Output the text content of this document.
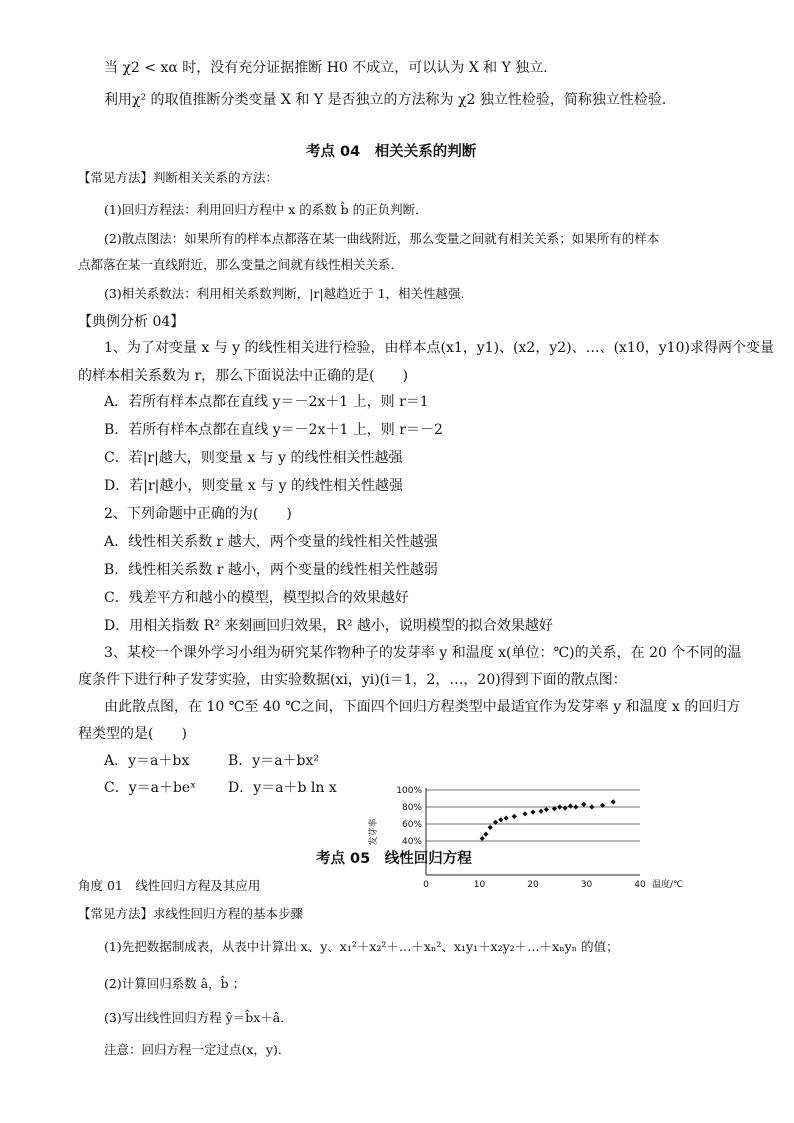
当 χ2 < xα 时，没有充分证据推断 H0 不成立，可以认为 X 和 Y 独立．
利用χ² 的取值推断分类变量 X 和 Y 是否独立的方法称为 χ2 独立性检验，简称独立性检验．
考点 04　相关关系的判断
【常见方法】判断相关关系的方法：
(1)回归方程法：利用回归方程中 x 的系数 b̂ 的正负判断．
(2)散点图法：如果所有的样本点都落在某一曲线附近，那么变量之间就有相关关系；如果所有的样本
点都落在某一直线附近，那么变量之间就有线性相关关系．
(3)相关系数法：利用相关系数判断，|r|越趋近于 1，相关性越强．
【典例分析 04】
1、为了对变量 x 与 y 的线性相关进行检验，由样本点(x1，y1)、(x2，y2)、…、(x10，y10)求得两个变量
的样本相关系数为 r，那么下面说法中正确的是(　　)
A．若所有样本点都在直线 y＝－2x＋1 上，则 r＝1
B．若所有样本点都在直线 y＝－2x＋1 上，则 r＝－2
C．若|r|越大，则变量 x 与 y 的线性相关性越强
D．若|r|越小，则变量 x 与 y 的线性相关性越强
2、下列命题中正确的为(　　)
A．线性相关系数 r 越大，两个变量的线性相关性越强
B．线性相关系数 r 越小，两个变量的线性相关性越弱
C．残差平方和越小的模型，模型拟合的效果越好
D．用相关指数 R² 来刻画回归效果，R² 越小，说明模型的拟合效果越好
3、某校一个课外学习小组为研究某作物种子的发芽率 y 和温度 x(单位：℃)的关系，在 20 个不同的温
度条件下进行种子发芽实验，由实验数据(xi，yi)(i＝1，2，…，20)得到下面的散点图：
由此散点图，在 10 ℃至 40 ℃之间，下面四个回归方程类型中最适宜作为发芽率 y 和温度 x 的回归方
程类型的是(　　)
A．y＝a＋bx	B．y＝a＋bx²
C．y＝a＋beˣ D．y＝a＋b ln x
40%
60%
80%
100%
0	10	20	30	40
发芽率
温度/℃
考点 05　线性回归方程
角度 01　线性回归方程及其应用
【常见方法】求线性回归方程的基本步骤
(1)先把数据制成表，从表中计算出 x、y、x₁²＋x₂²＋…＋xₙ²、x₁y₁＋x₂y₂＋…＋xₙyₙ 的值；
(2)计算回归系数 â，b̂ ；
(3)写出线性回归方程 ŷ＝b̂x＋â．
注意：回归方程一定过点(x，y)．
